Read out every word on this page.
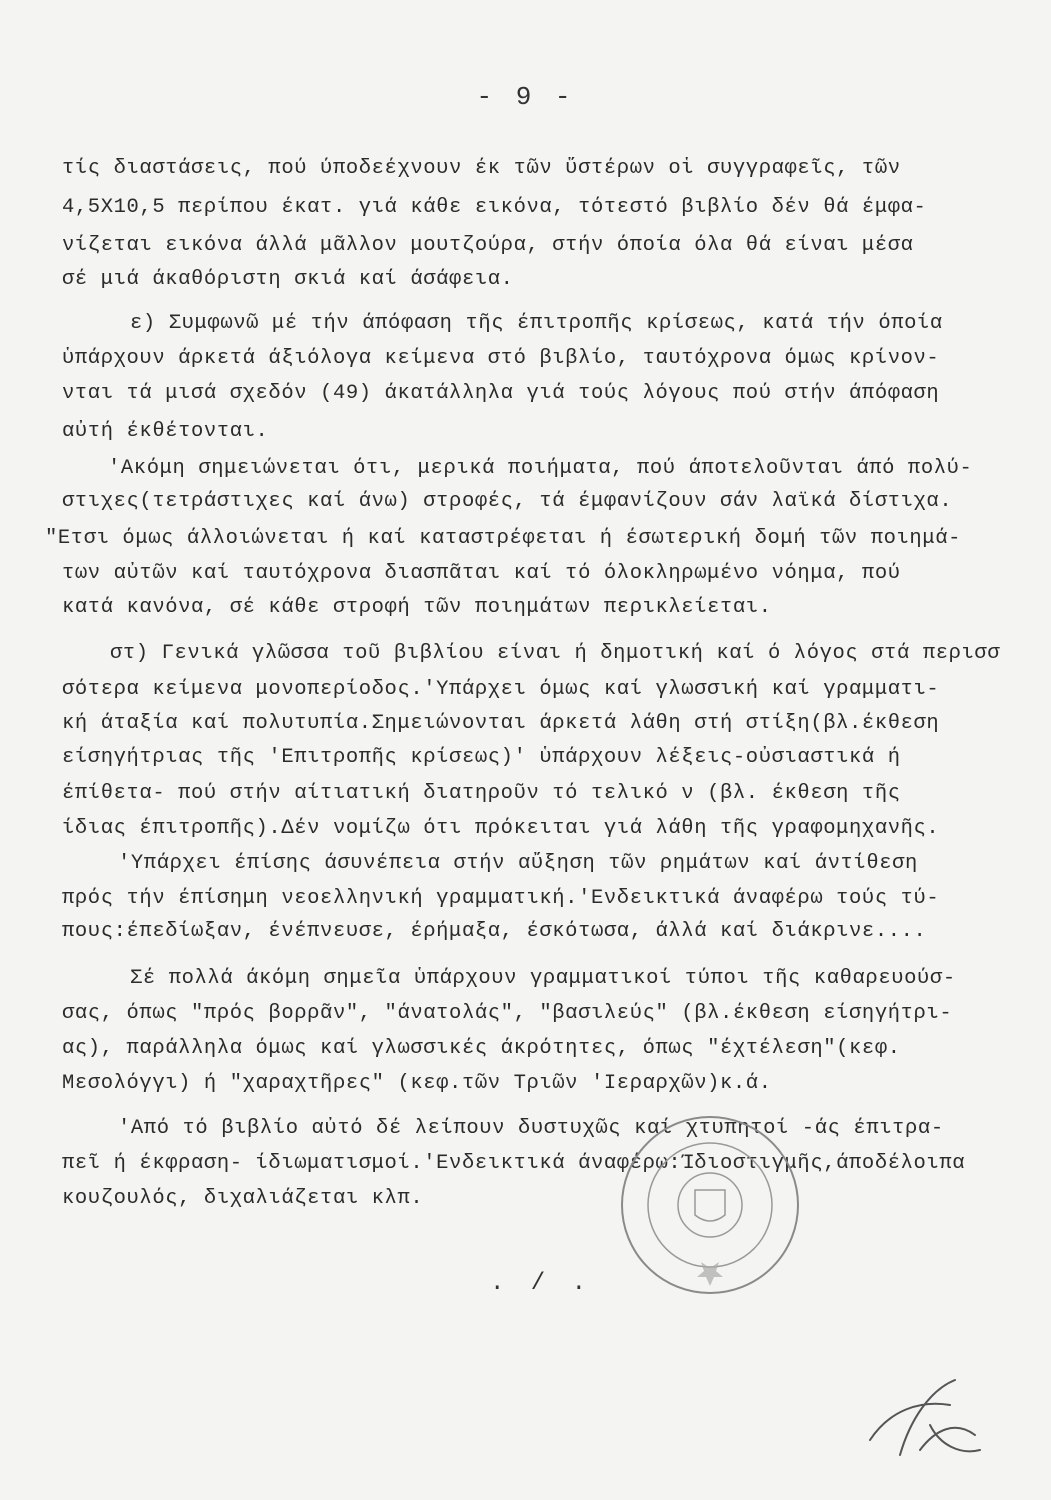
- 9 -
τίς διαστάσεις, πού ύποδεέχνουν έκ τῶν ὕστέρων οἱ συγγραφεῖς, τῶν
4,5Χ10,5 περίπου έκατ. γιά κάθε εικόνα, τότεστό βιβλίο δέν θά έμφα-
νίζεται εικόνα άλλά μᾶλλον μουτζούρα, στήν όποία όλα θά είναι μέσα
σέ μιά άκαθόριστη σκιά καί άσάφεια.
ε) Συμφωνῶ μέ τήν άπόφαση τῆς έπιτροπῆς κρίσεως, κατά τήν όποία
ὑπάρχουν άρκετά άξιόλογα κείμενα στό βιβλίο, ταυτόχρονα όμως κρίνον-
νται τά μισά σχεδόν (49) άκατάλληλα γιά τούς λόγους πού στήν άπόφαση
αὐτή έκθέτονται.
'Ακόμη σημειώνεται ότι, μερικά ποιήματα, πού άποτελοῦνται άπό πολύ-
στιχες(τετράστιχες καί άνω) στροφές, τά έμφανίζουν σάν λαϊκά δίστιχα.
"Ετσι όμως άλλοιώνεται ή καί καταστρέφεται ή έσωτερική δομή τῶν ποιημά-
των αὐτῶν καί ταυτόχρονα διασπᾶται καί τό όλοκληρωμένο νόημα, πού
κατά κανόνα, σέ κάθε στροφή τῶν ποιημάτων περικλείεται.
στ) Γενικά γλῶσσα τοῦ βιβλίου είναι ή δημοτική καί ό λόγος στά περισσ
σότερα κείμενα μονοπερίοδος.'Υπάρχει όμως καί γλωσσική καί γραμματι-
κή άταξία καί πολυτυπία.Σημειώνονται άρκετά λάθη στή στίξη(βλ.έκθεση
είσηγήτριας τῆς 'Επιτροπῆς κρίσεως)' ὑπάρχουν λέξεις-οὐσιαστικά ή
έπίθετα- πού στήν αίτιατική διατηροῦν τό τελικό ν (βλ. έκθεση τῆς
ίδιας έπιτροπῆς).Δέν νομίζω ότι πρόκειται γιά λάθη τῆς γραφομηχανῆς.
'Υπάρχει έπίσης άσυνέπεια στήν αὔξηση τῶν ρημάτων καί άντίθεση
πρός τήν έπίσημη νεοελληνική γραμματική.'Ενδεικτικά άναφέρω τούς τύ-
πους:έπεδίωξαν, ένέπνευσε, έρήμαξα, έσκότωσα, άλλά καί διάκρινε....
Σέ πολλά άκόμη σημεῖα ὑπάρχουν γραμματικοί τύποι τῆς καθαρευούσ-
σας, όπως "πρός βορρᾶν", "άνατολάς", "βασιλεύς" (βλ.έκθεση είσηγήτρι-
ας), παράλληλα όμως καί γλωσσικές άκρότητες, όπως "έχτέλεση"(κεφ.
Μεσολόγγι) ή "χαραχτῆρες" (κεφ.τῶν Τριῶν 'Ιεραρχῶν)κ.ά.
'Από τό βιβλίο αὐτό δέ λείπουν δυστυχῶς καί χτυπητοί -άς έπιτρα-
πεῖ ή έκφραση- ίδιωματισμοί.'Ενδεικτικά άναφέρω:Ίδιοστιγμῆς,άποδέλοιπα
κουζουλός, διχαλιάζεται κλπ.
. / .
